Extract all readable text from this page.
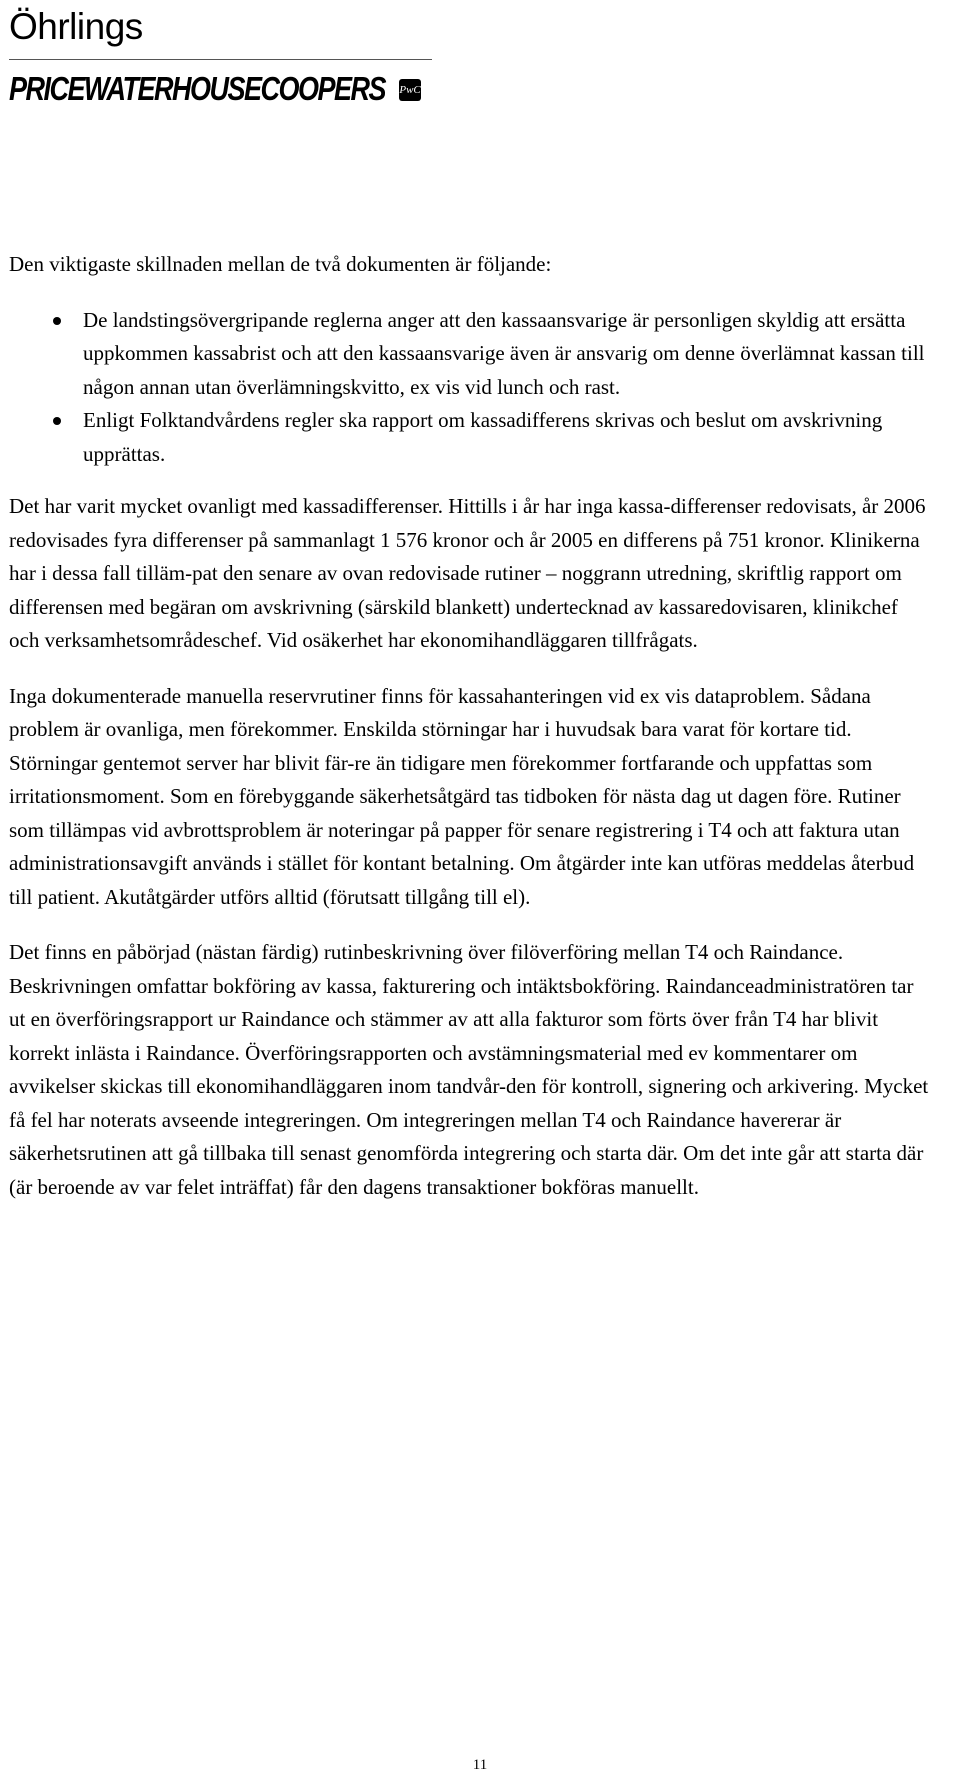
Öhrlings
PRICEWATERHOUSECOOPERS PwC

Den viktigaste skillnaden mellan de två dokumenten är följande:

De landstingsövergripande reglerna anger att den kassaansvarige är personligen skyldig att ersätta uppkommen kassabrist och att den kassaansvarige även är ansvarig om denne överlämnat kassan till någon annan utan överlämningskvitto, ex vis vid lunch och rast.
Enligt Folktandvårdens regler ska rapport om kassadifferens skrivas och beslut om avskrivning upprättas.

Det har varit mycket ovanligt med kassadifferenser. Hittills i år har inga kassa-differenser redovisats, år 2006 redovisades fyra differenser på sammanlagt 1 576 kronor och år 2005 en differens på 751 kronor. Klinikerna har i dessa fall tilläm-pat den senare av ovan redovisade rutiner – noggrann utredning, skriftlig rapport om differensen med begäran om avskrivning (särskild blankett) undertecknad av kassaredovisaren, klinikchef och verksamhetsområdeschef. Vid osäkerhet har ekonomihandläggaren tillfrågats.

Inga dokumenterade manuella reservrutiner finns för kassahanteringen vid ex vis dataproblem. Sådana problem är ovanliga, men förekommer. Enskilda störningar har i huvudsak bara varat för kortare tid. Störningar gentemot server har blivit fär-re än tidigare men förekommer fortfarande och uppfattas som irritationsmoment. Som en förebyggande säkerhetsåtgärd tas tidboken för nästa dag ut dagen före. Rutiner som tillämpas vid avbrottsproblem är noteringar på papper för senare registrering i T4 och att faktura utan administrationsavgift används i stället för kontant betalning. Om åtgärder inte kan utföras meddelas återbud till patient. Akutåtgärder utförs alltid (förutsatt tillgång till el).

Det finns en påbörjad (nästan färdig) rutinbeskrivning över filöverföring mellan T4 och Raindance. Beskrivningen omfattar bokföring av kassa, fakturering och intäktsbokföring. Raindanceadministratören tar ut en överföringsrapport ur Raindance och stämmer av att alla fakturor som förts över från T4 har blivit korrekt inlästa i Raindance. Överföringsrapporten och avstämningsmaterial med ev kommentarer om avvikelser skickas till ekonomihandläggaren inom tandvår-den för kontroll, signering och arkivering. Mycket få fel har noterats avseende integreringen. Om integreringen mellan T4 och Raindance havererar är säkerhetsrutinen att gå tillbaka till senast genomförda integrering och starta där. Om det inte går att starta där (är beroende av var felet inträffat) får den dagens transaktioner bokföras manuellt.

11
